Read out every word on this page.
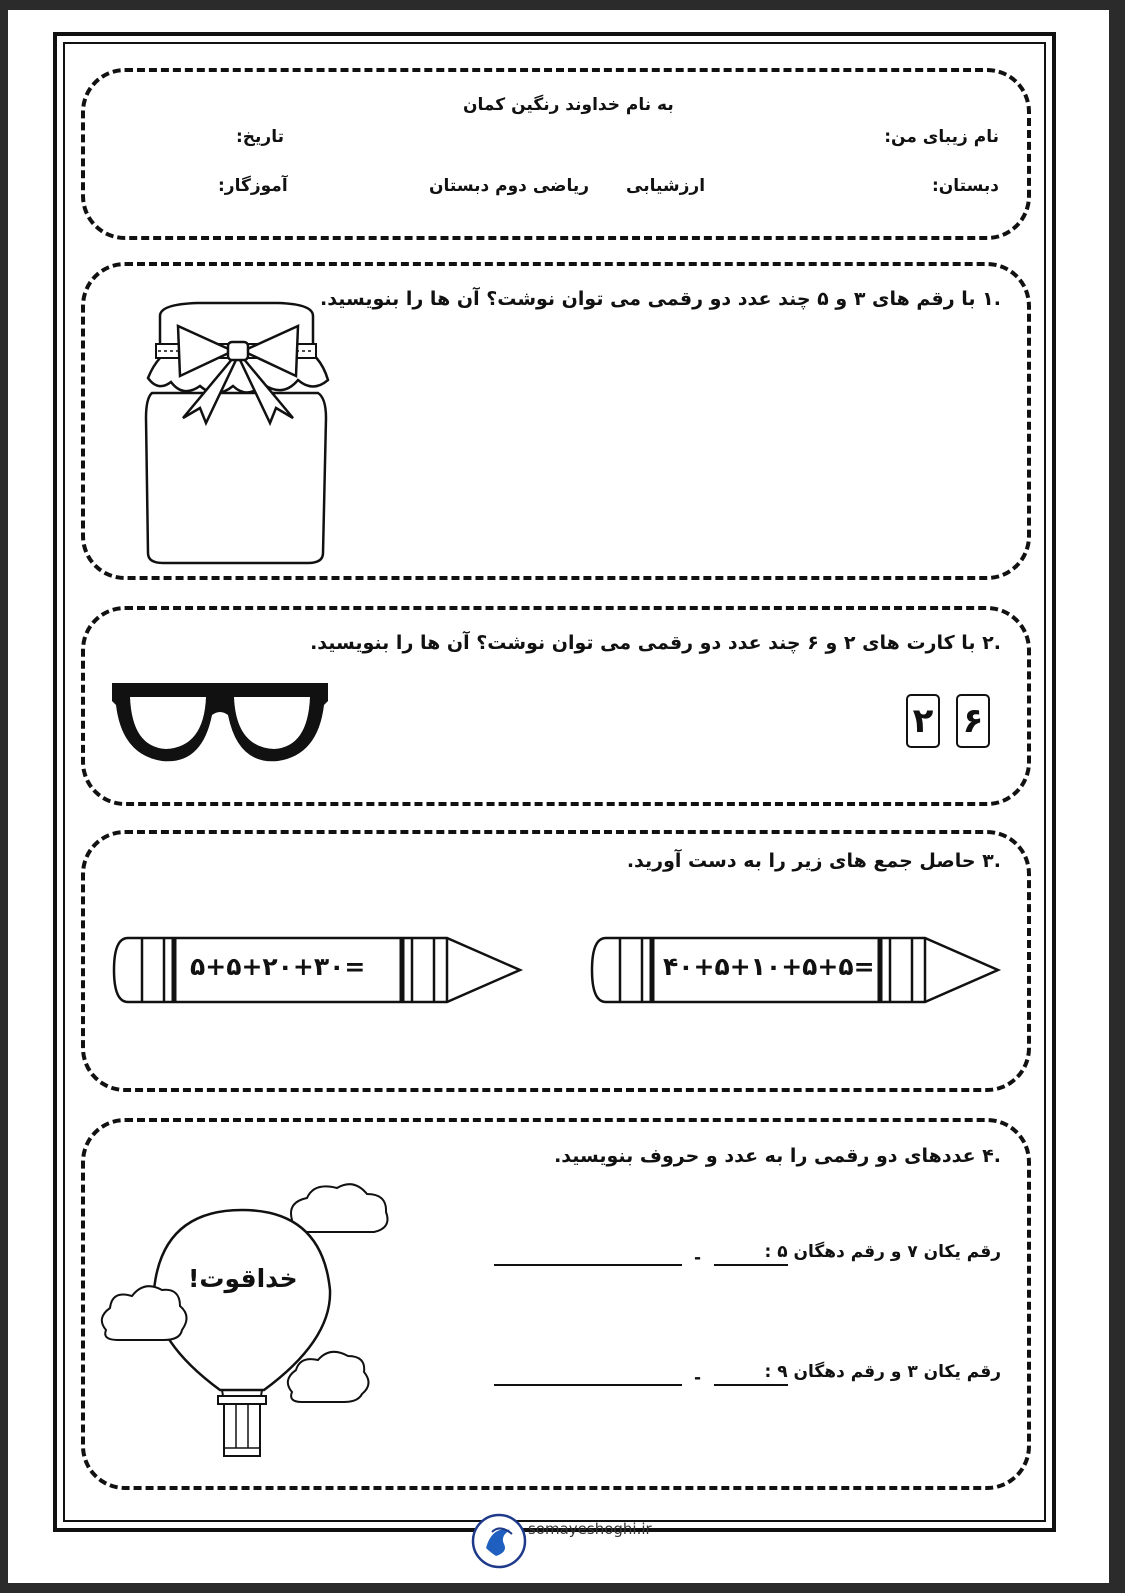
به نام خداوند رنگین کمان
نام زیبای من:
تاریخ:
دبستان:
ارزشیابی
ریاضی دوم دبستان
آموزگار:
.۱ با رقم های ۳ و ۵ چند عدد دو رقمی می توان نوشت؟ آن ها را بنویسید.
.۲ با کارت های ۲ و ۶ چند عدد دو رقمی می توان نوشت؟ آن ها را بنویسید.
۶
۲
.۳ حاصل جمع های زیر را به دست آورید.
۴۰+۵+۱۰+۵+۵=
۵+۵+۲۰+۳۰=
.۴ عددهای دو رقمی را به عدد و حروف بنویسید.
رقم یکان ۷ و رقم دهگان ۵ :
-
رقم یکان ۳ و رقم دهگان ۹ :
-
خداقوت!
somayeshoghi.ir
